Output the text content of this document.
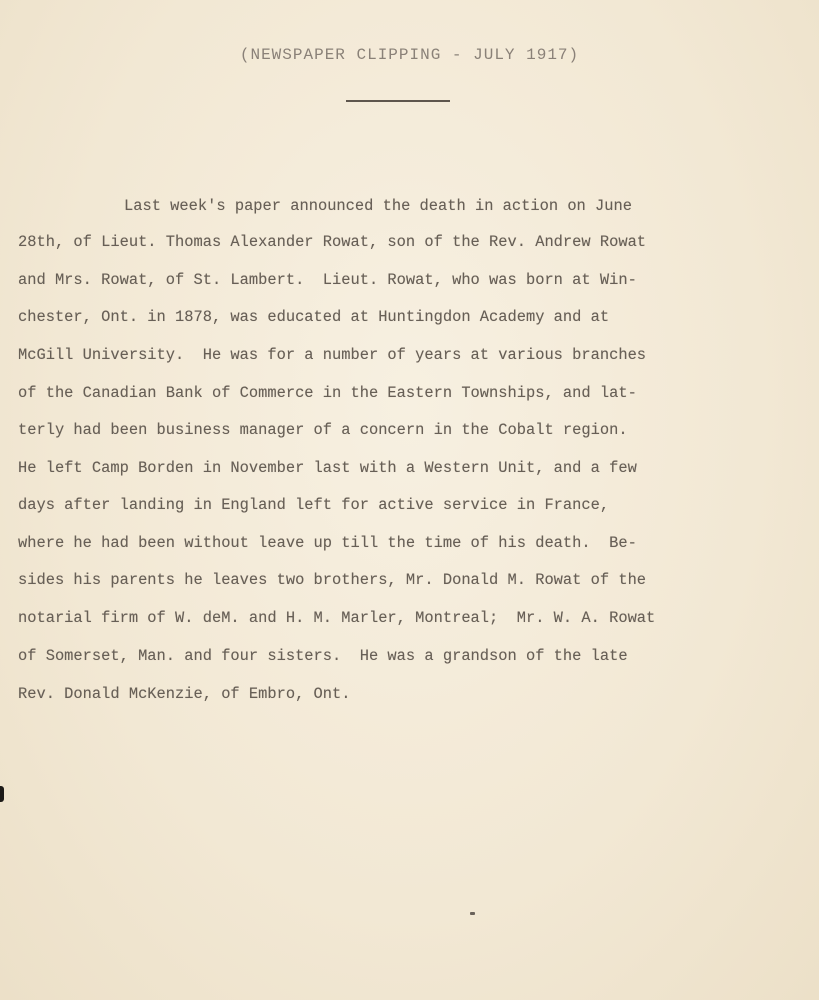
(NEWSPAPER CLIPPING - JULY 1917)
Last week's paper announced the death in action on June
28th, of Lieut. Thomas Alexander Rowat, son of the Rev. Andrew Rowat
and Mrs. Rowat, of St. Lambert.  Lieut. Rowat, who was born at Win-
chester, Ont. in 1878, was educated at Huntingdon Academy and at
McGill University.  He was for a number of years at various branches
of the Canadian Bank of Commerce in the Eastern Townships, and lat-
terly had been business manager of a concern in the Cobalt region.
He left Camp Borden in November last with a Western Unit, and a few
days after landing in England left for active service in France,
where he had been without leave up till the time of his death.  Be-
sides his parents he leaves two brothers, Mr. Donald M. Rowat of the
notarial firm of W. deM. and H. M. Marler, Montreal;  Mr. W. A. Rowat
of Somerset, Man. and four sisters.  He was a grandson of the late
Rev. Donald McKenzie, of Embro, Ont.
